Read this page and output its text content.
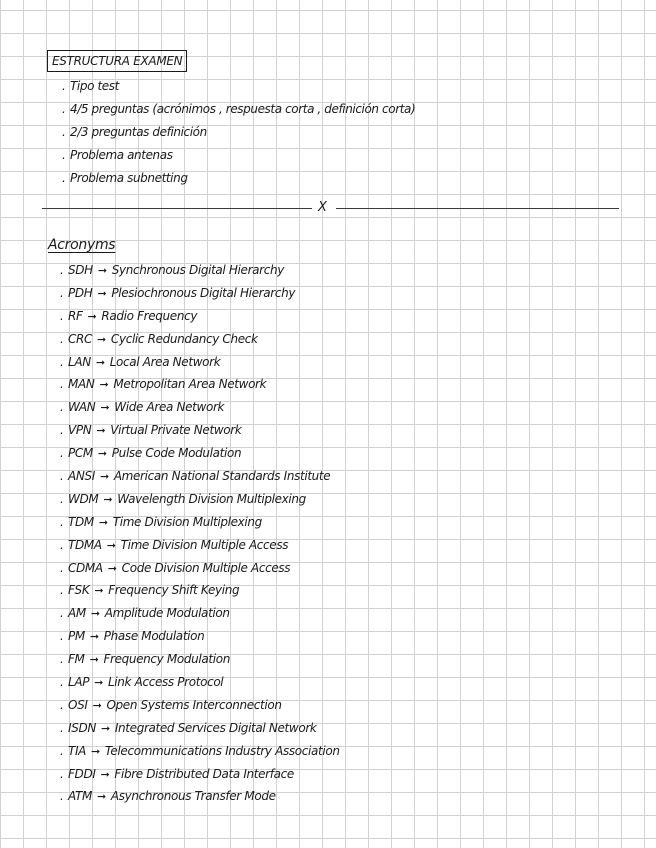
ESTRUCTURA EXAMEN
. Tipo test
. 4/5 preguntas (acrónimos , respuesta corta , definición corta)
. 2/3 preguntas definición
. Problema antenas
. Problema subnetting
X
Acronyms
. SDH ➞ Synchronous Digital Hierarchy
. PDH ➞ Plesiochronous Digital Hierarchy
. RF ➞ Radio Frequency
. CRC ➞ Cyclic Redundancy Check
. LAN ➞ Local Area Network
. MAN ➞ Metropolitan Area Network
. WAN ➞ Wide Area Network
. VPN ➞ Virtual Private Network
. PCM ➞ Pulse Code Modulation
. ANSI ➞ American National Standards Institute
. WDM ➞ Wavelength Division Multiplexing
. TDM ➞ Time Division Multiplexing
. TDMA ➞ Time Division Multiple Access
. CDMA ➞ Code Division Multiple Access
. FSK ➞ Frequency Shift Keying
. AM ➞ Amplitude Modulation
. PM ➞ Phase Modulation
. FM ➞ Frequency Modulation
. LAP ➞ Link Access Protocol
. OSI ➞ Open Systems Interconnection
. ISDN ➞ Integrated Services Digital Network
. TIA ➞ Telecommunications Industry Association
. FDDI ➞ Fibre Distributed Data Interface
. ATM ➞ Asynchronous Transfer Mode
